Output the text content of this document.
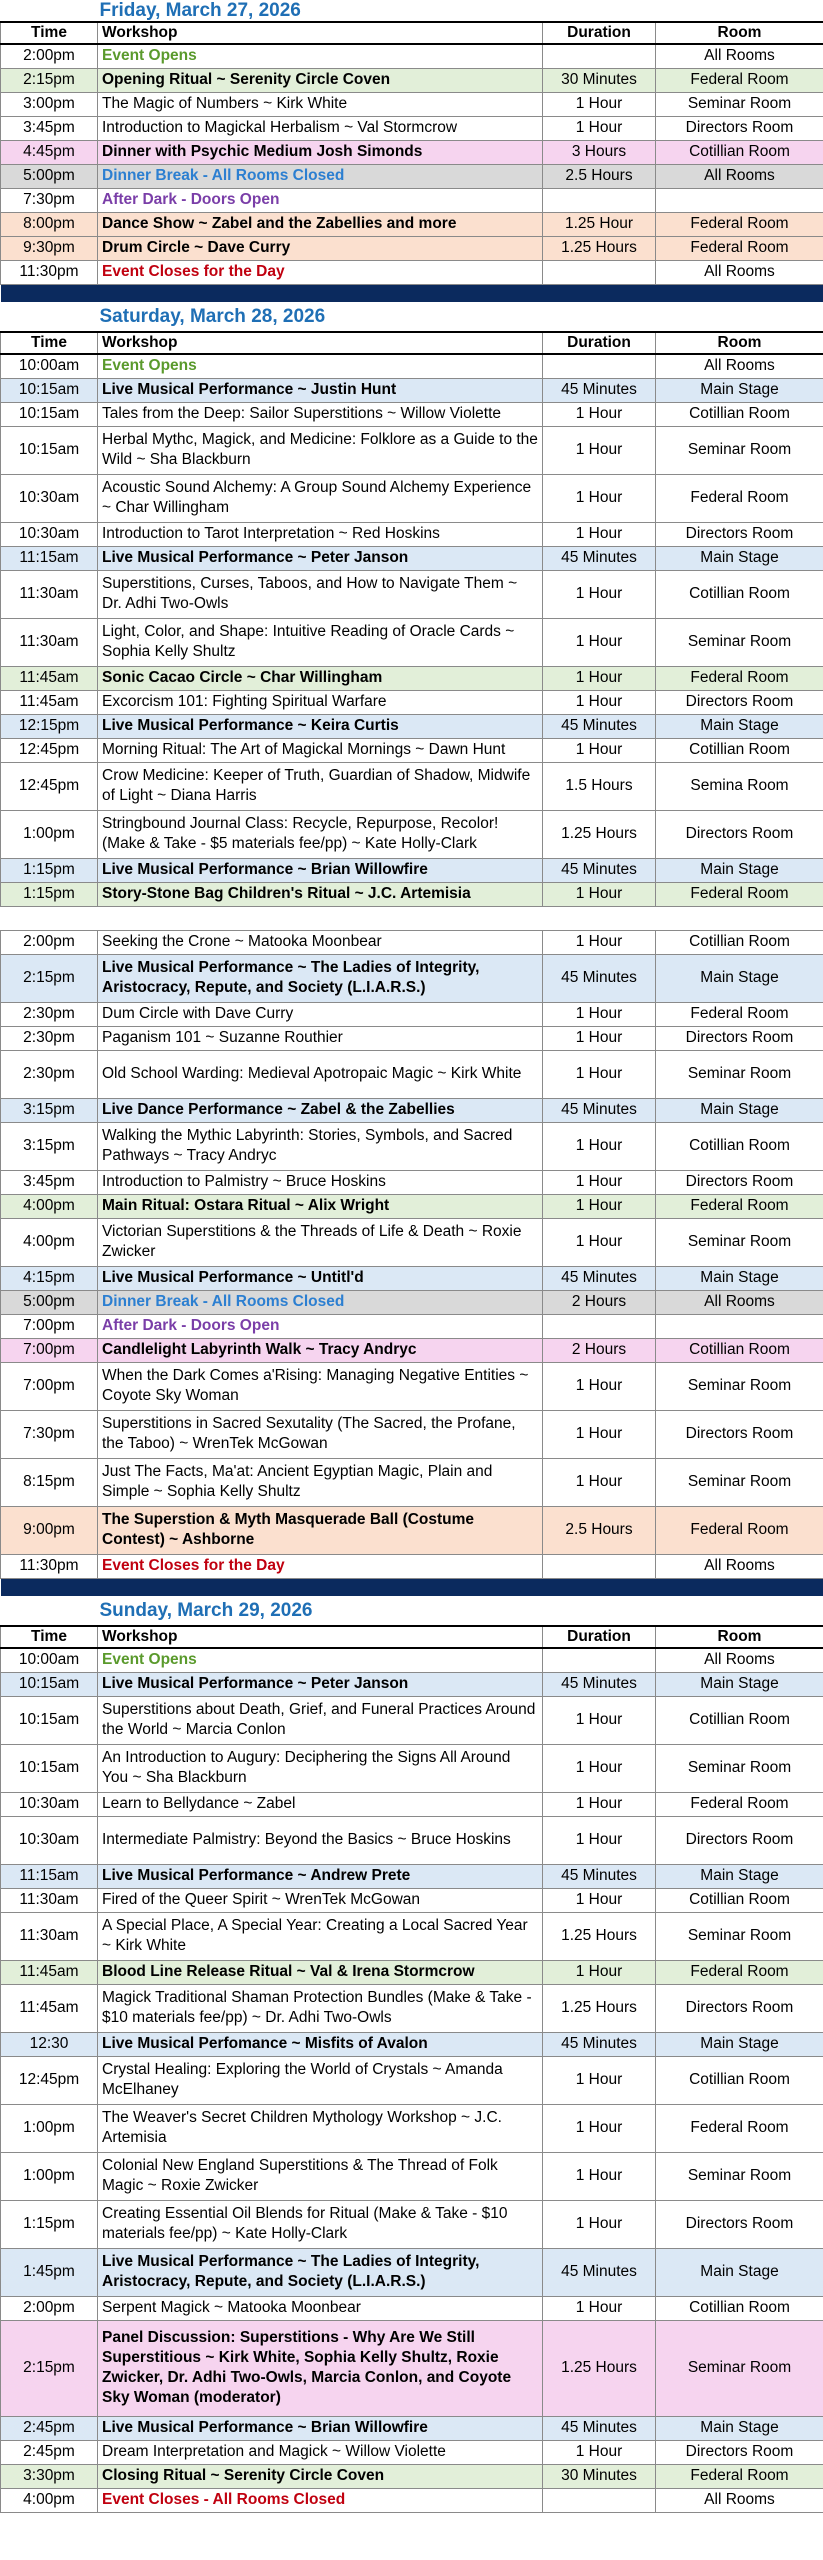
	Friday, March 27, 2026		
Time	Workshop	Duration	Room
2:00pm	Event Opens		All Rooms
2:15pm	Opening Ritual ~ Serenity Circle Coven	30 Minutes	Federal Room
3:00pm	The Magic of Numbers ~ Kirk White	1 Hour	Seminar Room
3:45pm	Introduction to Magickal Herbalism ~ Val Stormcrow	1 Hour	Directors Room
4:45pm	Dinner with Psychic Medium Josh Simonds	3 Hours	Cotillian Room
5:00pm	Dinner Break - All Rooms Closed	2.5 Hours	All Rooms
7:30pm	After Dark - Doors Open		
8:00pm	Dance Show ~ Zabel and the Zabellies and more	1.25 Hour	Federal Room
9:30pm	Drum Circle ~ Dave Curry	1.25 Hours	Federal Room
11:30pm	Event Closes for the Day		All Rooms

	Saturday, March 28, 2026		
Time	Workshop	Duration	Room
10:00am	Event Opens		All Rooms
10:15am	Live Musical Performance ~ Justin Hunt	45 Minutes	Main Stage
10:15am	Tales from the Deep: Sailor Superstitions ~ Willow Violette	1 Hour	Cotillian Room
10:15am	Herbal Mythc, Magick, and Medicine: Folklore as a Guide to the Wild ~ Sha Blackburn	1 Hour	Seminar Room
10:30am	Acoustic Sound Alchemy: A Group Sound Alchemy Experience ~ Char Willingham	1 Hour	Federal Room
10:30am	Introduction to Tarot Interpretation ~ Red Hoskins	1 Hour	Directors Room
11:15am	Live Musical Performance ~ Peter Janson	45 Minutes	Main Stage
11:30am	Superstitions, Curses, Taboos, and How to Navigate Them ~ Dr. Adhi Two-Owls	1 Hour	Cotillian Room
11:30am	Light, Color, and Shape: Intuitive Reading of Oracle Cards ~ Sophia Kelly Shultz	1 Hour	Seminar Room
11:45am	Sonic Cacao Circle ~ Char Willingham	1 Hour	Federal Room
11:45am	Excorcism 101: Fighting Spiritual Warfare	1 Hour	Directors Room
12:15pm	Live Musical Performance ~ Keira Curtis	45 Minutes	Main Stage
12:45pm	Morning Ritual: The Art of Magickal Mornings ~ Dawn Hunt	1 Hour	Cotillian Room
12:45pm	Crow Medicine: Keeper of Truth, Guardian of Shadow, Midwife of Light ~ Diana Harris	1.5 Hours	Semina Room
1:00pm	Stringbound Journal Class: Recycle, Repurpose, Recolor! (Make & Take - $5 materials fee/pp) ~ Kate Holly-Clark	1.25 Hours	Directors Room
1:15pm	Live Musical Performance ~ Brian Willowfire	45 Minutes	Main Stage
1:15pm	Story-Stone Bag Children's Ritual ~ J.C. Artemisia	1 Hour	Federal Room

2:00pm	Seeking the Crone ~ Matooka Moonbear	1 Hour	Cotillian Room
2:15pm	Live Musical Performance ~ The Ladies of Integrity, Aristocracy, Repute, and Society (L.I.A.R.S.)	45 Minutes	Main Stage
2:30pm	Dum Circle with Dave Curry	1 Hour	Federal Room
2:30pm	Paganism 101 ~ Suzanne Routhier	1 Hour	Directors Room
2:30pm	Old School Warding: Medieval Apotropaic Magic ~ Kirk White	1 Hour	Seminar Room
3:15pm	Live Dance Performance ~ Zabel & the Zabellies	45 Minutes	Main Stage
3:15pm	Walking the Mythic Labyrinth: Stories, Symbols, and Sacred Pathways ~ Tracy Andryc	1 Hour	Cotillian Room
3:45pm	Introduction to Palmistry ~ Bruce Hoskins	1 Hour	Directors Room
4:00pm	Main Ritual: Ostara Ritual ~ Alix Wright	1 Hour	Federal Room
4:00pm	Victorian Superstitions & the Threads of Life & Death ~ Roxie Zwicker	1 Hour	Seminar Room
4:15pm	Live Musical Performance ~ Untitl'd	45 Minutes	Main Stage
5:00pm	Dinner Break - All Rooms Closed	2 Hours	All Rooms
7:00pm	After Dark - Doors Open		
7:00pm	Candlelight Labyrinth Walk ~ Tracy Andryc	2 Hours	Cotillian Room
7:00pm	When the Dark Comes a'Rising: Managing Negative Entities ~ Coyote Sky Woman	1 Hour	Seminar Room
7:30pm	Superstitions in Sacred Sexutality (The Sacred, the Profane, the Taboo) ~ WrenTek McGowan	1 Hour	Directors Room
8:15pm	Just The Facts, Ma'at: Ancient Egyptian Magic, Plain and Simple ~ Sophia Kelly Shultz	1 Hour	Seminar Room
9:00pm	The Superstion & Myth Masquerade Ball (Costume Contest) ~ Ashborne	2.5 Hours	Federal Room
11:30pm	Event Closes for the Day		All Rooms

	Sunday, March 29, 2026		
Time	Workshop	Duration	Room
10:00am	Event Opens		All Rooms
10:15am	Live Musical Performance ~ Peter Janson	45 Minutes	Main Stage
10:15am	Superstitions about Death, Grief, and Funeral Practices Around the World ~ Marcia Conlon	1 Hour	Cotillian Room
10:15am	An Introduction to Augury: Deciphering the Signs All Around You ~ Sha Blackburn	1 Hour	Seminar Room
10:30am	Learn to Bellydance ~ Zabel	1 Hour	Federal Room
10:30am	Intermediate Palmistry: Beyond the Basics ~ Bruce Hoskins	1 Hour	Directors Room
11:15am	Live Musical Performance ~ Andrew Prete	45 Minutes	Main Stage
11:30am	Fired of the Queer Spirit ~ WrenTek McGowan	1 Hour	Cotillian Room
11:30am	A Special Place, A Special Year: Creating a Local Sacred Year ~ Kirk White	1.25 Hours	Seminar Room
11:45am	Blood Line Release Ritual ~ Val & Irena Stormcrow	1 Hour	Federal Room
11:45am	Magick Traditional Shaman Protection Bundles (Make & Take - $10 materials fee/pp) ~ Dr. Adhi Two-Owls	1.25 Hours	Directors Room
12:30	Live Musical Perfomance ~ Misfits of Avalon	45 Minutes	Main Stage
12:45pm	Crystal Healing: Exploring the World of Crystals ~ Amanda McElhaney	1 Hour	Cotillian Room
1:00pm	The Weaver's Secret Children Mythology Workshop ~ J.C. Artemisia	1 Hour	Federal Room
1:00pm	Colonial New England Superstitions & The Thread of Folk Magic ~ Roxie Zwicker	1 Hour	Seminar Room
1:15pm	Creating Essential Oil Blends for Ritual (Make & Take - $10 materials fee/pp) ~ Kate Holly-Clark	1 Hour	Directors Room
1:45pm	Live Musical Performance ~ The Ladies of Integrity, Aristocracy, Repute, and Society (L.I.A.R.S.)	45 Minutes	Main Stage
2:00pm	Serpent Magick ~ Matooka Moonbear	1 Hour	Cotillian Room
2:15pm	Panel Discussion: Superstitions - Why Are We Still Superstitious ~ Kirk White, Sophia Kelly Shultz, Roxie Zwicker, Dr. Adhi Two-Owls, Marcia Conlon, and Coyote Sky Woman (moderator)	1.25 Hours	Seminar Room
2:45pm	Live Musical Performance ~ Brian Willowfire	45 Minutes	Main Stage
2:45pm	Dream Interpretation and Magick ~ Willow Violette	1 Hour	Directors Room
3:30pm	Closing Ritual ~ Serenity Circle Coven	30 Minutes	Federal Room
4:00pm	Event Closes - All Rooms Closed		All Rooms
